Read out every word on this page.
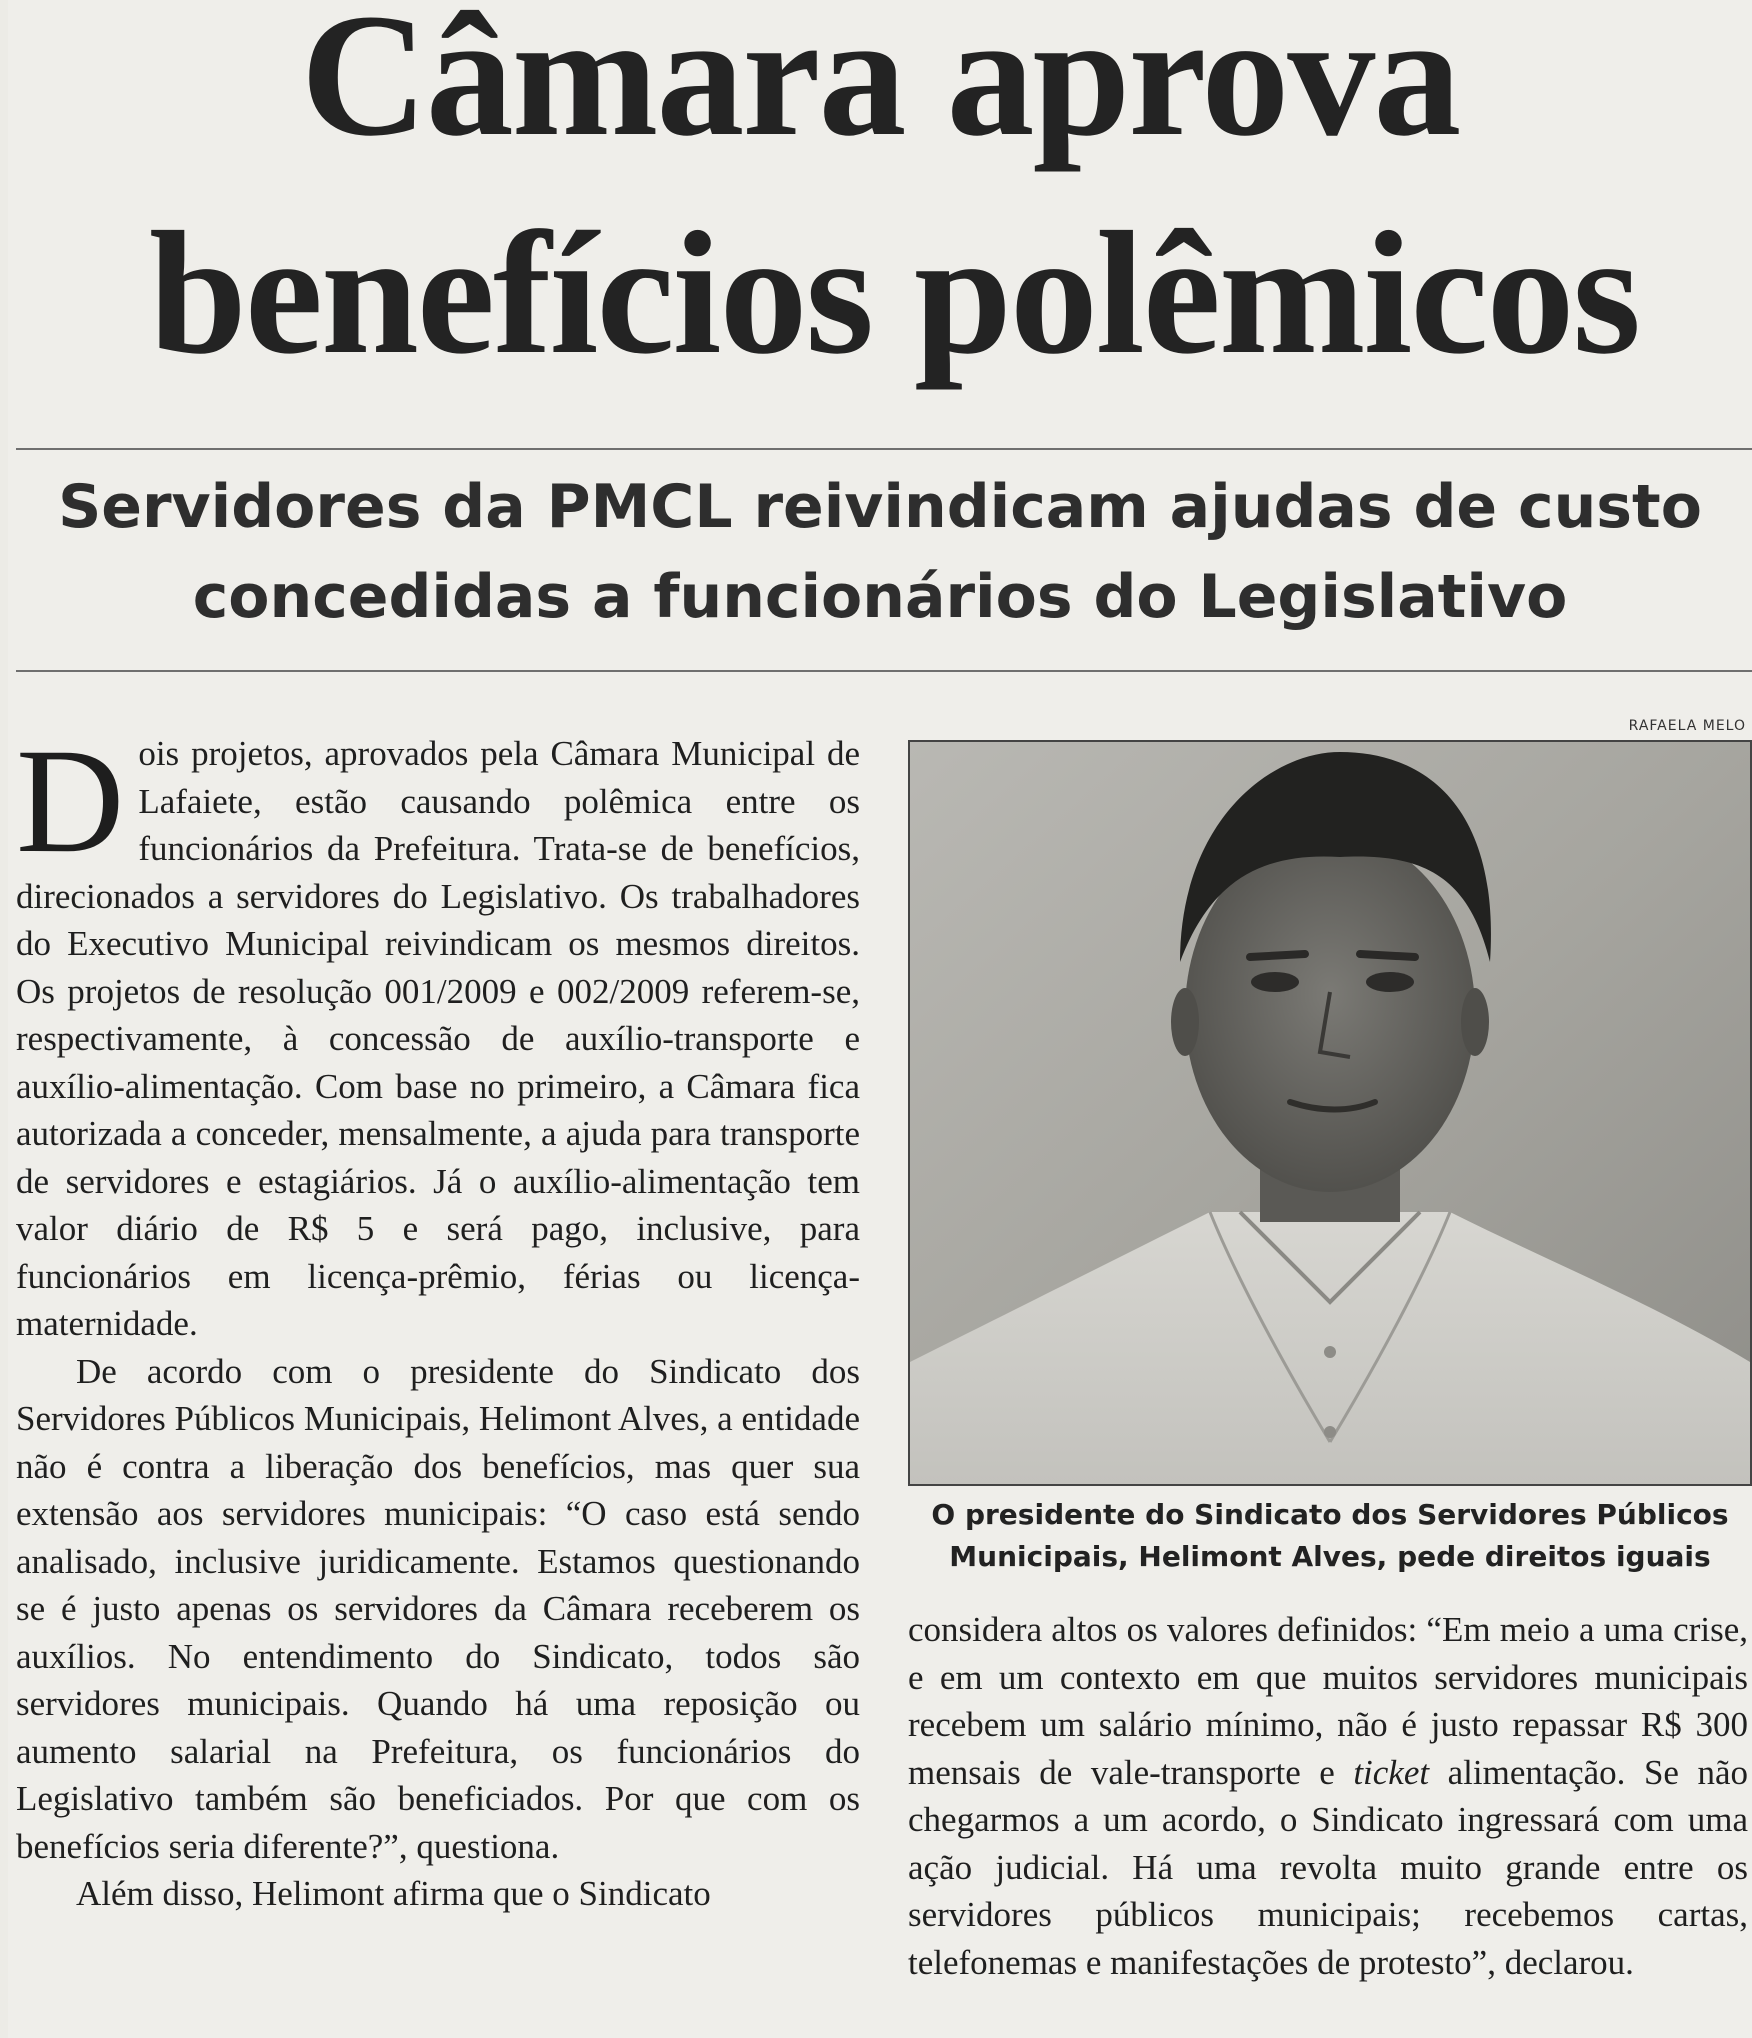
Câmara aprova
benefícios polêmicos
Servidores da PMCL reivindicam ajudas de custo
concedidas a funcionários do Legislativo

Dois projetos, aprovados pela Câmara Municipal de Lafaiete, estão causando polêmica entre os funcionários da Prefeitura. Trata-se de benefícios, direcionados a servidores do Legislativo. Os trabalhadores do Executivo Municipal reivindicam os mesmos direitos. Os projetos de resolução 001/2009 e 002/2009 referem-se, respectivamente, à concessão de auxílio-transporte e auxílio-alimentação. Com base no primeiro, a Câmara fica autorizada a conceder, mensalmente, a ajuda para transporte de servidores e estagiários. Já o auxílio-alimentação tem valor diário de R$ 5 e será pago, inclusive, para funcionários em licença-prêmio, férias ou licença-maternidade.

De acordo com o presidente do Sindicato dos Servidores Públicos Municipais, Helimont Alves, a entidade não é contra a liberação dos benefícios, mas quer sua extensão aos servidores municipais: “O caso está sendo analisado, inclusive juridicamente. Estamos questionando se é justo apenas os servidores da Câmara receberem os auxílios. No entendimento do Sindicato, todos são servidores municipais. Quando há uma reposição ou aumento salarial na Prefeitura, os funcionários do Legislativo também são beneficiados. Por que com os benefícios seria diferente?”, questiona.

Além disso, Helimont afirma que o Sindicato

RAFAELA MELO

O presidente do Sindicato dos Servidores Públicos Municipais, Helimont Alves, pede direitos iguais

considera altos os valores definidos: “Em meio a uma crise, e em um contexto em que muitos servidores municipais recebem um salário mínimo, não é justo repassar R$ 300 mensais de vale-transporte e ticket alimentação. Se não chegarmos a um acordo, o Sindicato ingressará com uma ação judicial. Há uma revolta muito grande entre os servidores públicos municipais; recebemos cartas, telefonemas e manifestações de protesto”, declarou.
